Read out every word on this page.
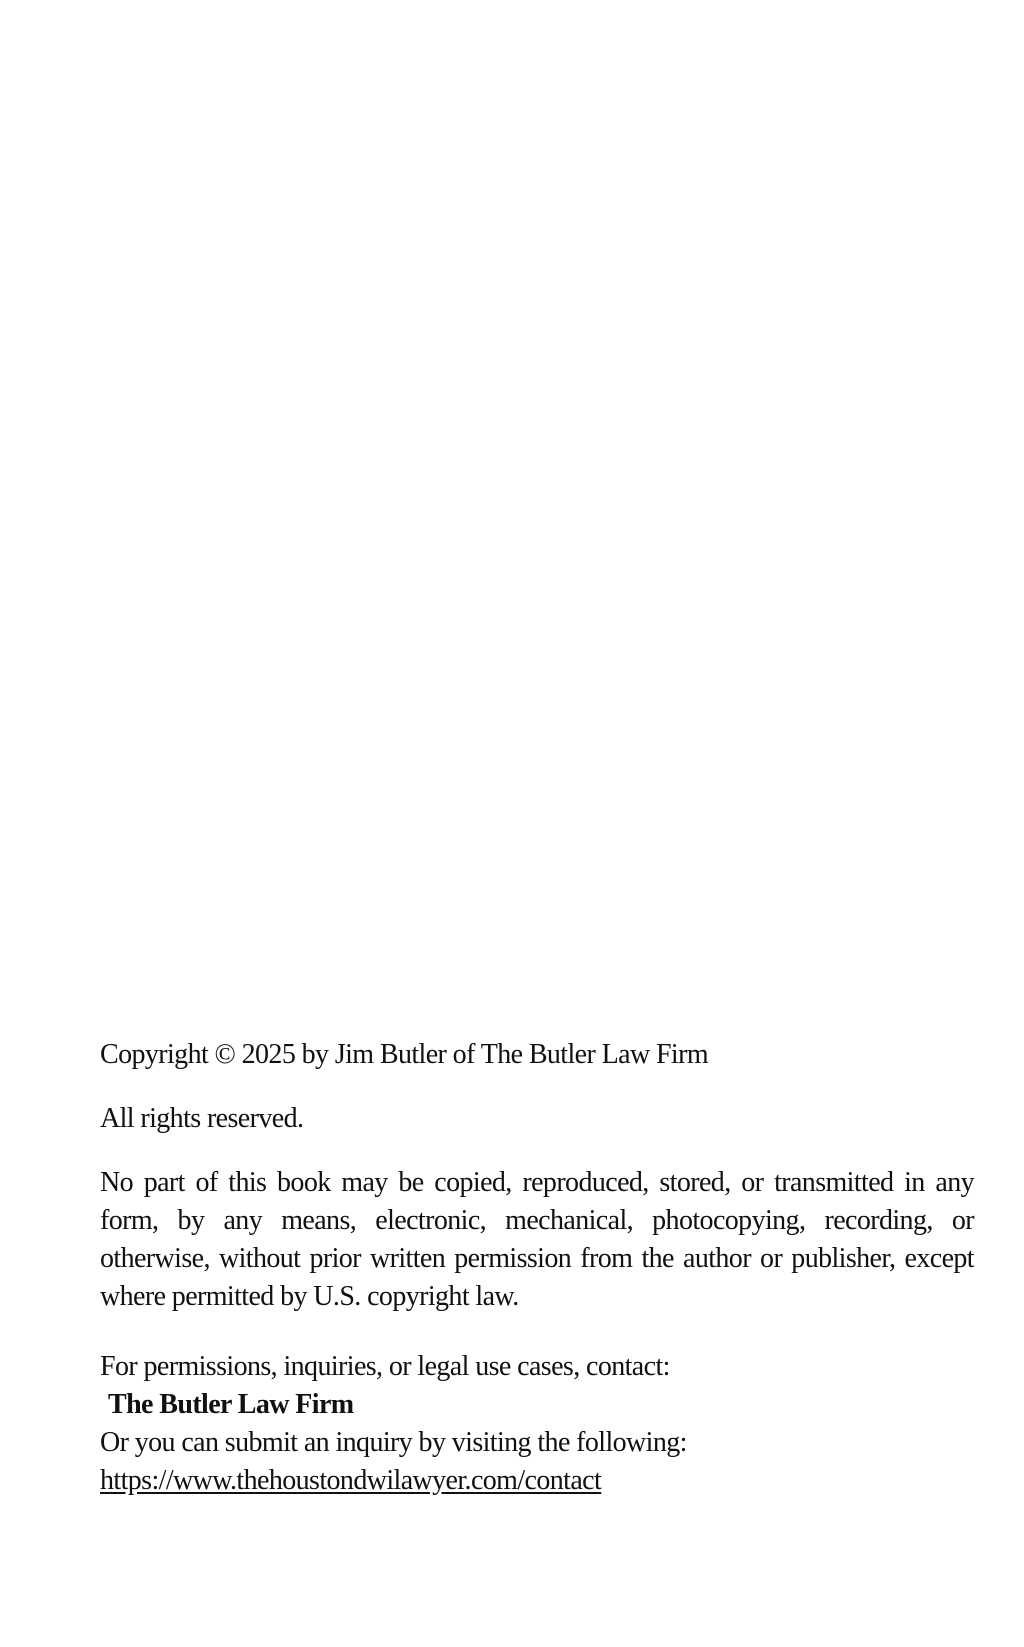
Copyright © 2025 by Jim Butler of The Butler Law Firm

All rights reserved.

No part of this book may be copied, reproduced, stored, or transmitted in any form, by any means, electronic, mechanical, photocopying, recording, or otherwise, without prior written permission from the author or publisher, except where permitted by U.S. copyright law.

For permissions, inquiries, or legal use cases, contact:
The Butler Law Firm
Or you can submit an inquiry by visiting the following:
https://www.thehoustondwilawyer.com/contact
